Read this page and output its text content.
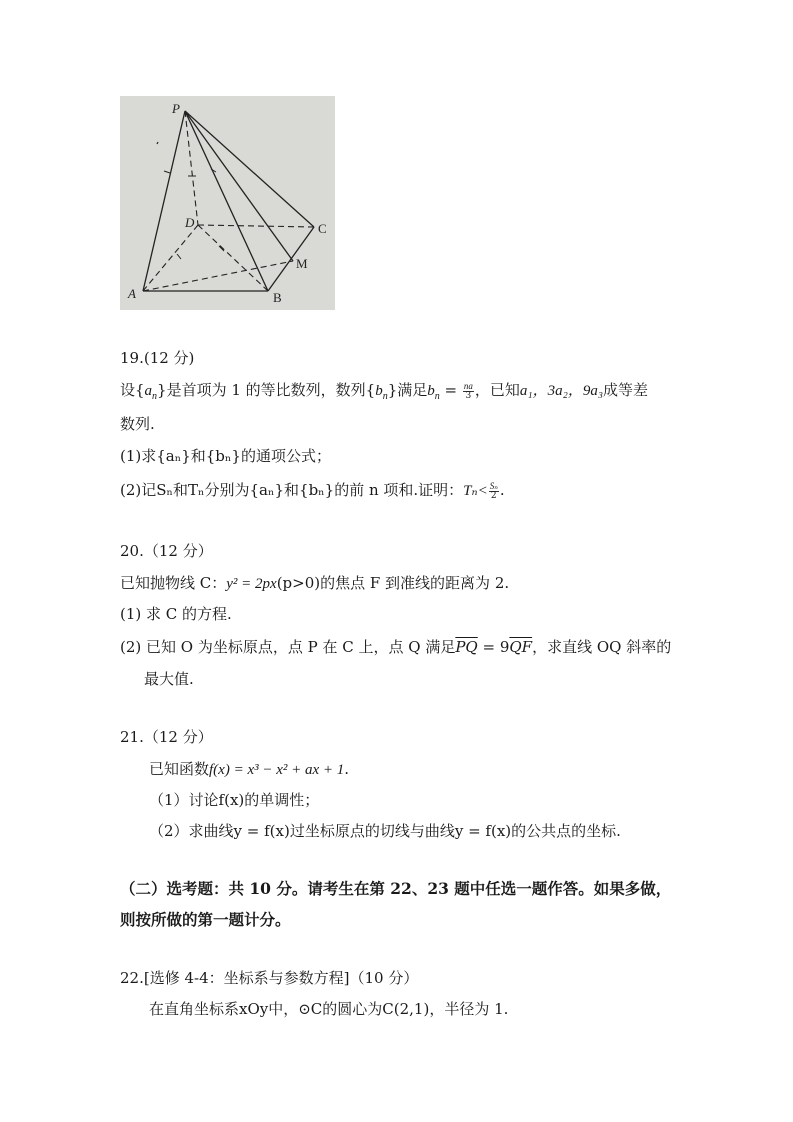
P
D	C
M
A	B
19.(12 分)
设$\{a_n\}$是首项为 1 的等比数列，数列$\{b_n\}$满足$b_n = \frac{na}{3}$ ，已知a₁，3a₂，9a₃成等差
数列.
(1)求{aₙ}和{bₙ}的通项公式；
(2)记Sₙ和Tₙ分别为{aₙ}和{bₙ}的前 n 项和.证明：$T_n< \frac{\text{Sₙ}}{2}$ .
20.（12 分）
已知抛物线 C：y² = 2px(p>0)的焦点 F 到准线的距离为 2.
(1) 求 C 的方程.
(2) 已知 O 为坐标原点，点 P 在 C 上，点 Q 满足$\overline{PQ} = 9\overline{QF}$，求直线 OQ 斜率的
最大值.
21.（12 分）
已知函数f(x) = x³ − x² + ax + 1.
（1）讨论f(x)的单调性；
（2）求曲线y = f(x)过坐标原点的切线与曲线y = f(x)的公共点的坐标.
（二）选考题：共 10 分。请考生在第 22、23 题中任选一题作答。如果多做，
则按所做的第一题计分。
22.[选修 4-4：坐标系与参数方程]（10 分）
在直角坐标系xOy中，⊙C的圆心为C(2,1)，半径为 1.
